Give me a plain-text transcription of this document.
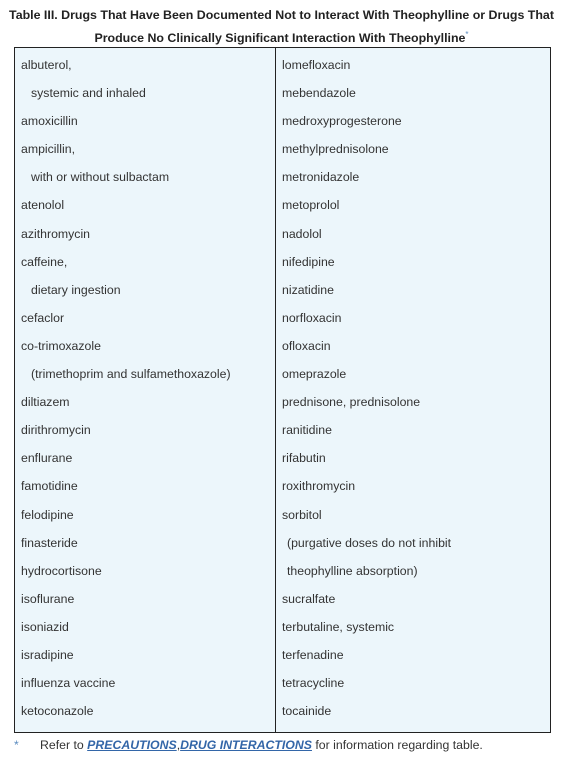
Table III. Drugs That Have Been Documented Not to Interact With Theophylline or Drugs That
Produce No Clinically Significant Interaction With Theophylline*
albuterol,
systemic and inhaled
amoxicillin
ampicillin,
with or without sulbactam
atenolol
azithromycin
caffeine,
dietary ingestion
cefaclor
co-trimoxazole
(trimethoprim and sulfamethoxazole)
diltiazem
dirithromycin
enflurane
famotidine
felodipine
finasteride
hydrocortisone
isoflurane
isoniazid
isradipine
influenza vaccine
ketoconazole
lomefloxacin
mebendazole
medroxyprogesterone
methylprednisolone
metronidazole
metoprolol
nadolol
nifedipine
nizatidine
norfloxacin
ofloxacin
omeprazole
prednisone, prednisolone
ranitidine
rifabutin
roxithromycin
sorbitol
(purgative doses do not inhibit
theophylline absorption)
sucralfate
terbutaline, systemic
terfenadine
tetracycline
tocainide
* Refer to PRECAUTIONS,DRUG INTERACTIONS for information regarding table.
